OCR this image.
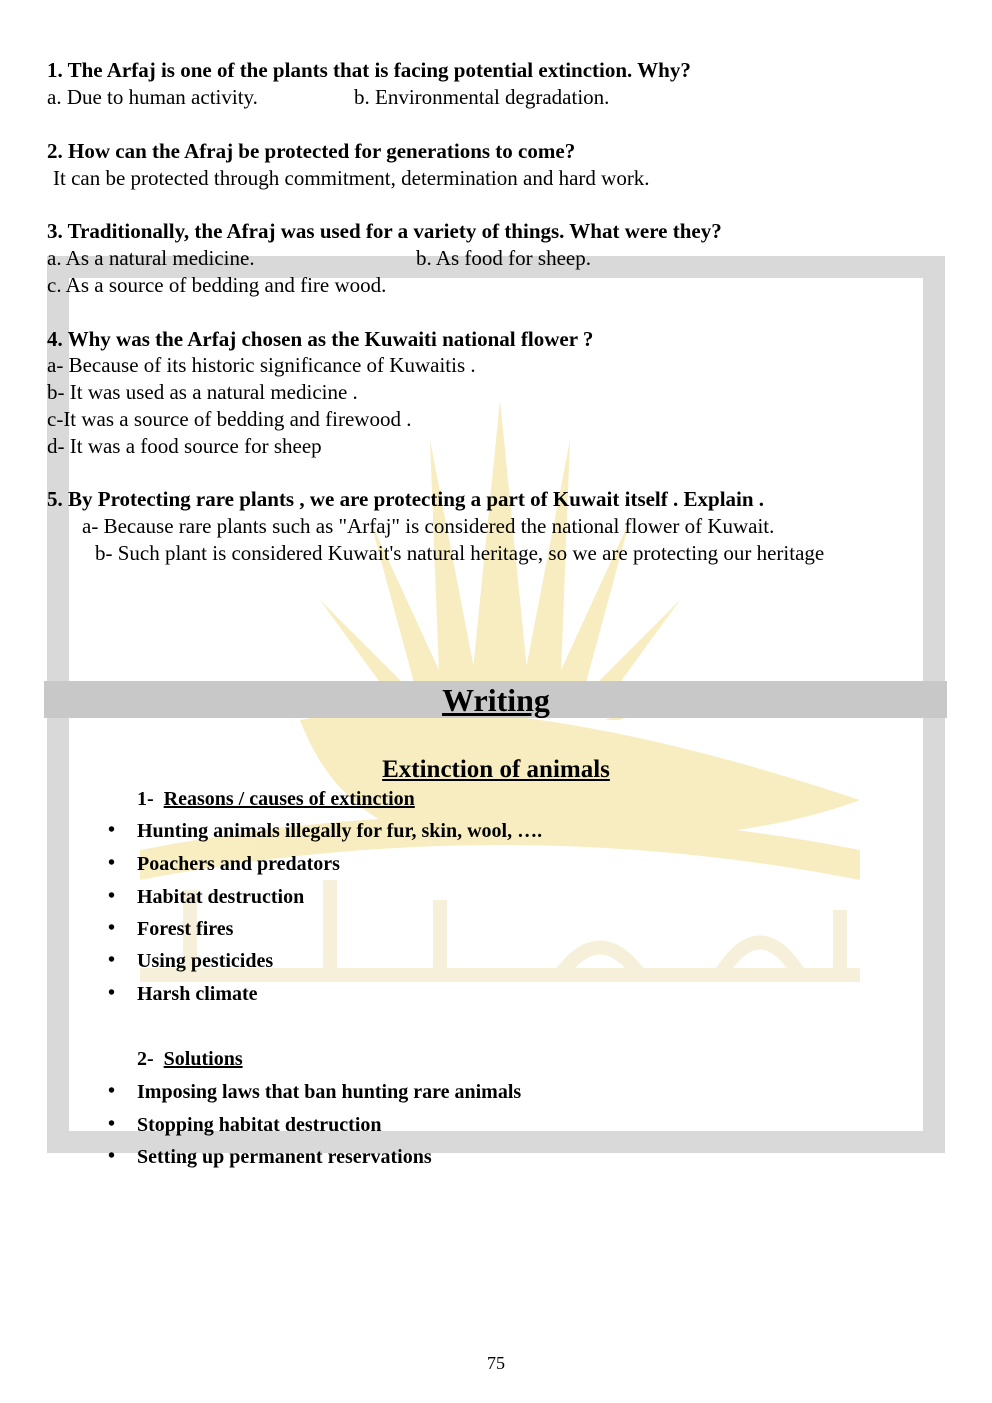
1. The Arfaj is one of the plants that is facing potential extinction. Why?
a. Due to human activity.	b. Environmental degradation.
2. How can the Afraj be protected for generations to come?
It can be protected through commitment, determination and hard work.
3. Traditionally, the Afraj was used for a variety of things. What were they?
a. As a natural medicine.	b. As food for sheep.
c. As a source of bedding and fire wood.
4. Why was the Arfaj chosen as the Kuwaiti national flower ?
a- Because of its historic significance of Kuwaitis .
b- It was used as a natural medicine .
c-It was a source of bedding and firewood .
d- It was a food source for sheep
5. By Protecting rare plants , we are protecting a part of Kuwait itself . Explain .
a- Because rare plants such as "Arfaj" is considered the national flower of Kuwait.
b- Such plant is considered Kuwait's natural heritage, so we are protecting our heritage
Writing
Extinction of animals
1- Reasons / causes of extinction
• Hunting animals illegally for fur, skin, wool, ….
• Poachers and predators
• Habitat destruction
• Forest fires
• Using pesticides
• Harsh climate
2- Solutions
• Imposing laws that ban hunting rare animals
• Stopping habitat destruction
• Setting up permanent reservations
75
